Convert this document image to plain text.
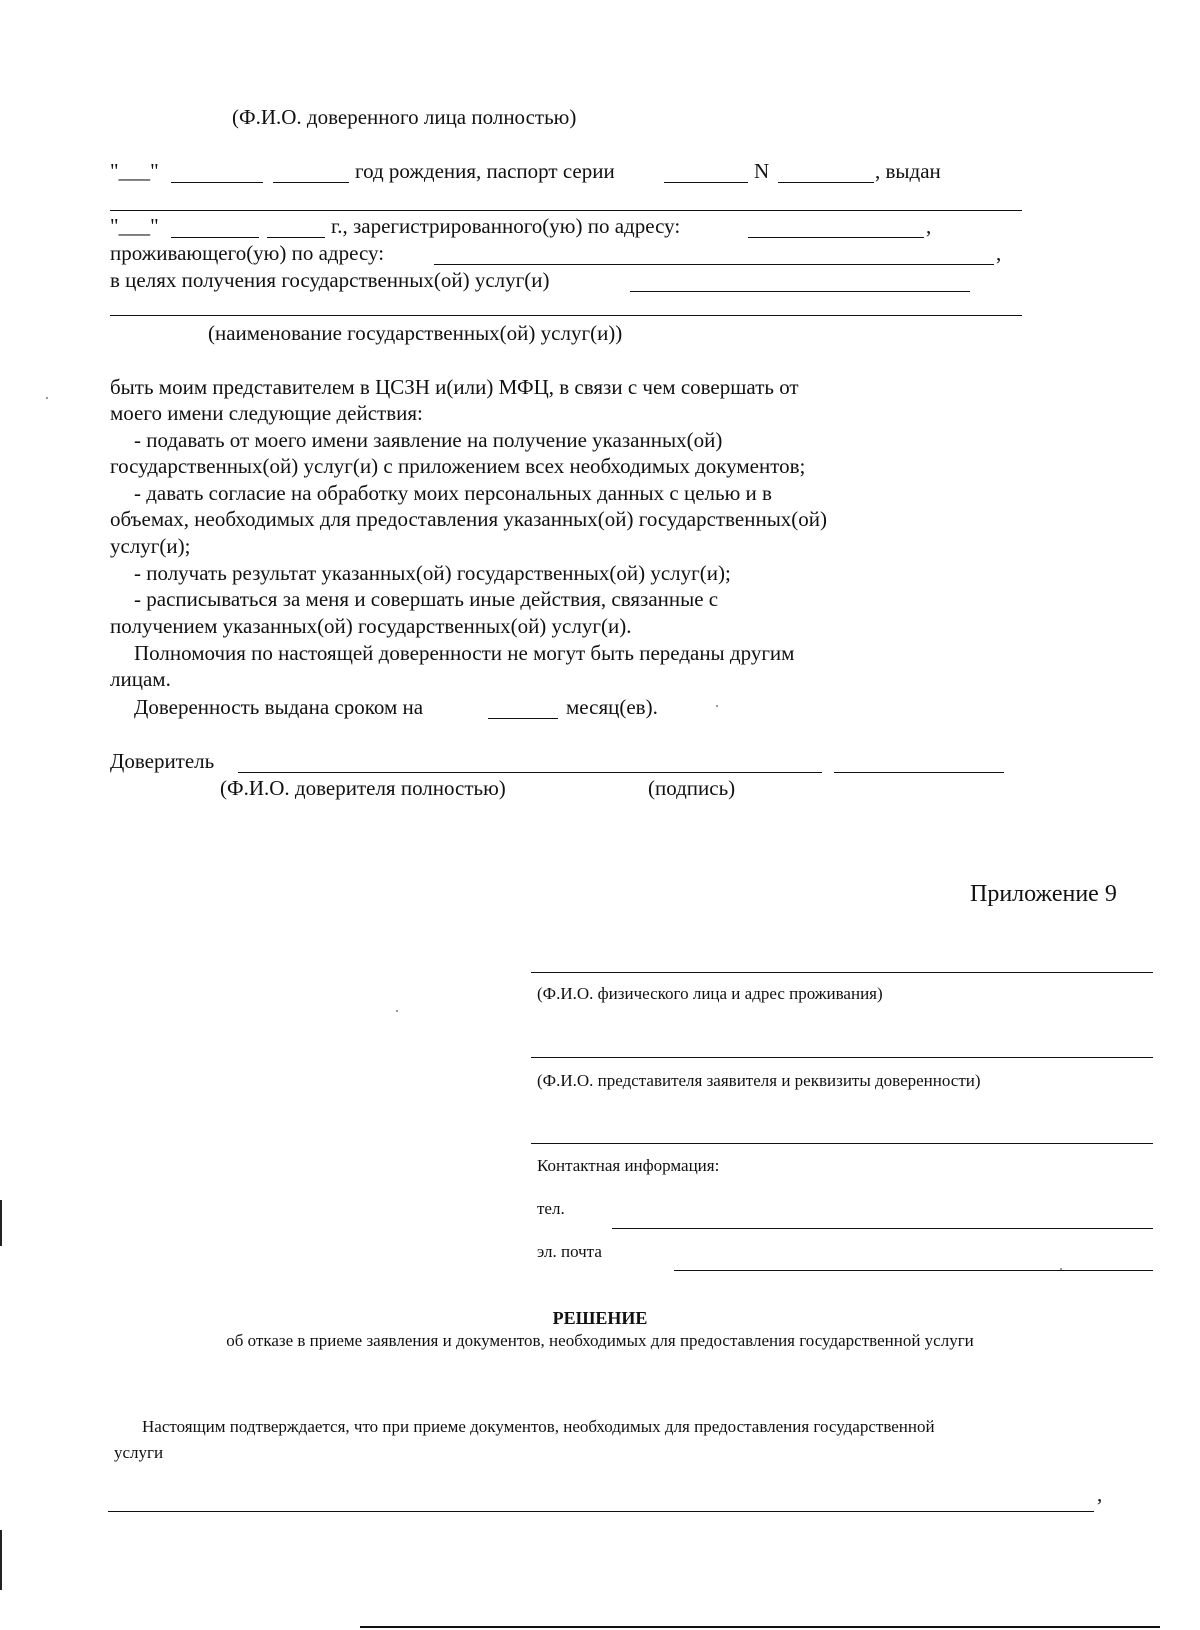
(Ф.И.О. доверенного лица полностью)
"___"	год рождения, паспорт серии	N	, выдан
"___"	г., зарегистрированного(ую) по адресу:	,
проживающего(ую) по адресу:	,
в целях получения государственных(ой) услуг(и)
(наименование государственных(ой) услуг(и))
быть моим представителем в ЦСЗН и(или) МФЦ, в связи с чем совершать от
моего имени следующие действия:
- подавать от моего имени заявление на получение указанных(ой)
государственных(ой) услуг(и) с приложением всех необходимых документов;
- давать согласие на обработку моих персональных данных с целью и в
объемах, необходимых для предоставления указанных(ой) государственных(ой)
услуг(и);
- получать результат указанных(ой) государственных(ой) услуг(и);
- расписываться за меня и совершать иные действия, связанные с
получением указанных(ой) государственных(ой) услуг(и).
Полномочия по настоящей доверенности не могут быть переданы другим
лицам.
Доверенность выдана сроком на	месяц(ев).
Доверитель
(Ф.И.О. доверителя полностью)	(подпись)
Приложение 9
(Ф.И.О. физического лица и адрес проживания)
(Ф.И.О. представителя заявителя и реквизиты доверенности)
Контактная информация:
тел.
эл. почта
РЕШЕНИЕ
об отказе в приеме заявления и документов, необходимых для предоставления государственной услуги
Настоящим подтверждается, что при приеме документов, необходимых для предоставления государственной
услуги
,
